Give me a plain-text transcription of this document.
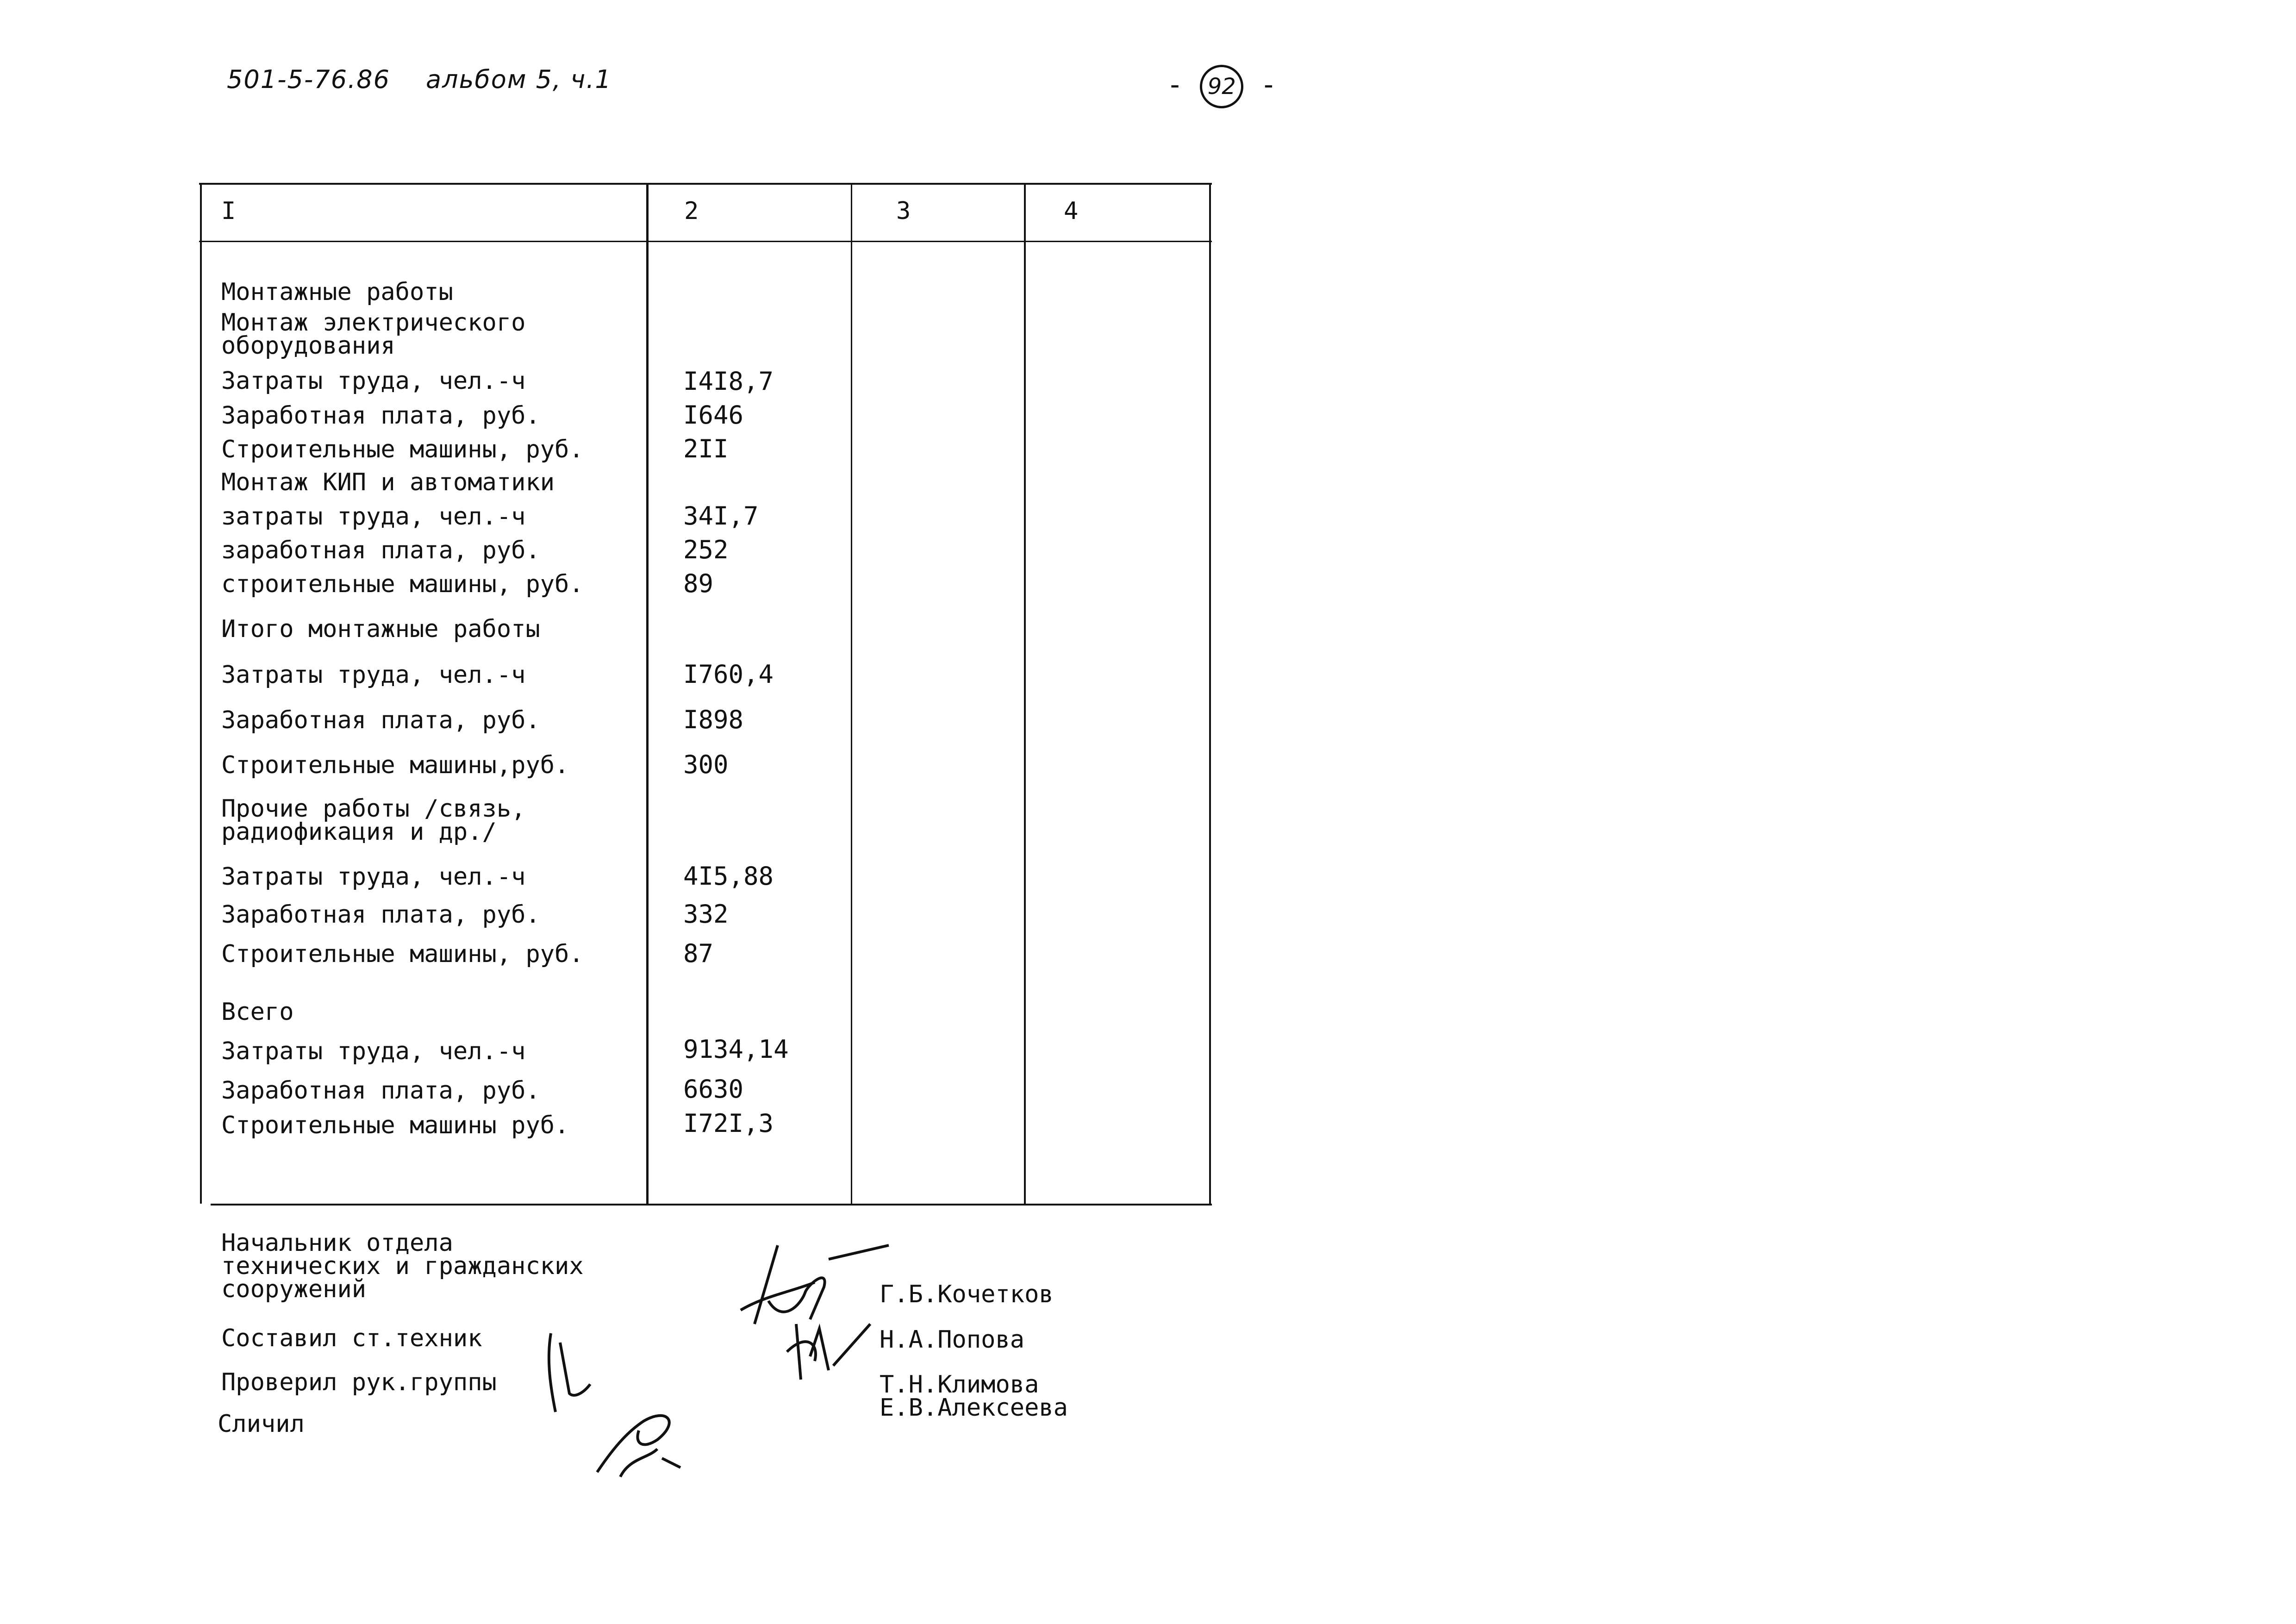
501-5-76.86 альбом 5, ч.1	- 92 -
I	2	3	4
Монтажные работы
Монтаж электрического
оборудования
Затраты труда, чел.-ч	I4I8,7
Заработная плата, руб.	I646
Строительные машины, руб.	2II
Монтаж КИП и автоматики
затраты труда, чел.-ч	34I,7
заработная плата, руб.	252
строительные машины, руб.	89
Итого монтажные работы
Затраты труда, чел.-ч	I760,4
Заработная плата, руб.	I898
Строительные машины,руб.	300
Прочие работы /связь,
радиофикация и др./
Затраты труда, чел.-ч	4I5,88
Заработная плата, руб.	332
Строительные машины, руб.	87
Всего
Затраты труда, чел.-ч	9134,14
Заработная плата, руб.	6630
Строительные машины руб.	I72I,3
Начальник отдела
технических и гражданских
сооружений
Составил ст.техник
Проверил рук.группы
Сличил
Г.Б.Кочетков
Н.А.Попова
Т.Н.Климова
Е.В.Алексеева
